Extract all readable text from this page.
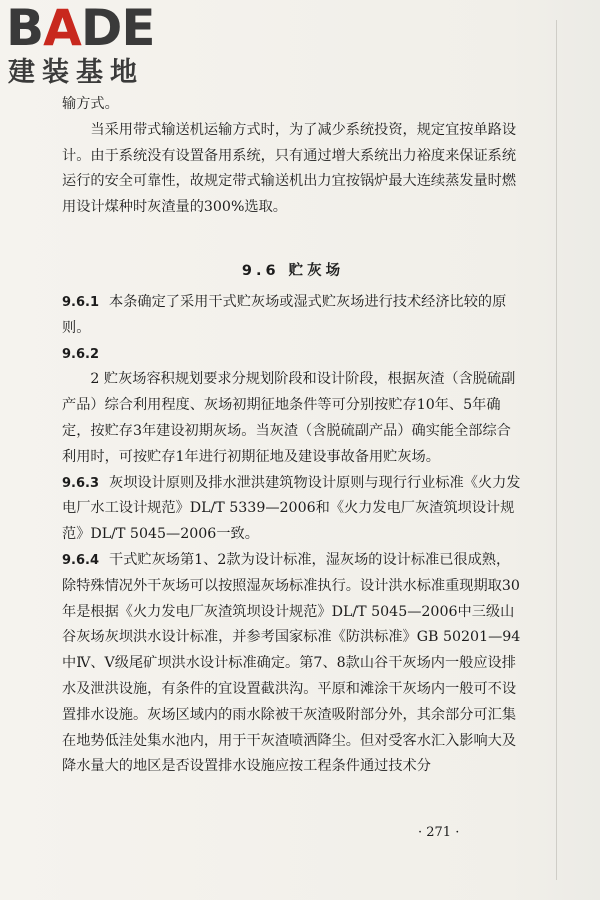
BADE
建装基地

输方式。

当采用带式输送机运输方式时，为了减少系统投资，规定宜按单路设计。由于系统没有设置备用系统，只有通过增大系统出力裕度来保证系统运行的安全可靠性，故规定带式输送机出力宜按锅炉最大连续蒸发量时燃用设计煤种时灰渣量的300%选取。

9.6 贮灰场

9.6.1 本条确定了采用干式贮灰场或湿式贮灰场进行技术经济比较的原则。

9.6.2

2 贮灰场容积规划要求分规划阶段和设计阶段，根据灰渣（含脱硫副产品）综合利用程度、灰场初期征地条件等可分别按贮存10年、5年确定，按贮存3年建设初期灰场。当灰渣（含脱硫副产品）确实能全部综合利用时，可按贮存1年进行初期征地及建设事故备用贮灰场。

9.6.3 灰坝设计原则及排水泄洪建筑物设计原则与现行行业标准《火力发电厂水工设计规范》DL/T 5339—2006和《火力发电厂灰渣筑坝设计规范》DL/T 5045—2006一致。

9.6.4 干式贮灰场第1、2款为设计标准，湿灰场的设计标准已很成熟，除特殊情况外干灰场可以按照湿灰场标准执行。设计洪水标准重现期取30年是根据《火力发电厂灰渣筑坝设计规范》DL/T 5045—2006中三级山谷灰场灰坝洪水设计标准，并参考国家标准《防洪标准》GB 50201—94中Ⅳ、Ⅴ级尾矿坝洪水设计标准确定。第7、8款山谷干灰场内一般应设排水及泄洪设施，有条件的宜设置截洪沟。平原和滩涂干灰场内一般可不设置排水设施。灰场区域内的雨水除被干灰渣吸附部分外，其余部分可汇集在地势低洼处集水池内，用于干灰渣喷洒降尘。但对受客水汇入影响大及降水量大的地区是否设置排水设施应按工程条件通过技术分

· 271 ·
